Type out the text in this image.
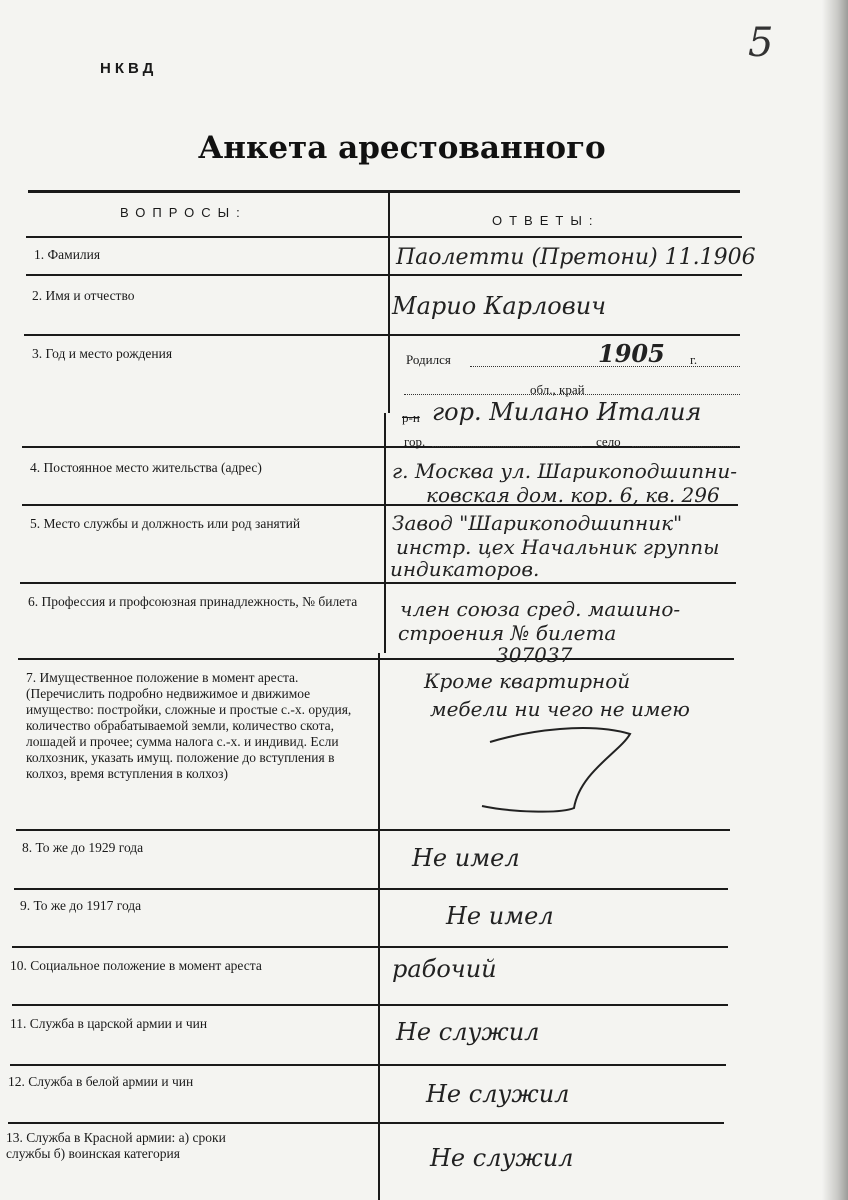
НКВД
5
Анкета арестованного
ВОПРОСЫ:
ОТВЕТЫ:
1. Фамилия
2. Имя и отчество
3. Год и место рождения
4. Постоянное место жительства (адрес)
5. Место службы и должность или род занятий
6. Профессия и профсоюзная принадлежность, № билета
7. Имущественное положение в момент ареста. (Перечислить подробно недвижимое и движимое имущество: постройки, сложные и простые с.-х. орудия, количество обрабатываемой земли, количество скота, лошадей и прочее; сумма налога с.-х. и индивид. Если колхозник, указать имущ. положение до вступления в колхоз, время вступления в колхоз)
8. То же до 1929 года
9. То же до 1917 года
10. Социальное положение в момент ареста
11. Служба в царской армии и чин
12. Служба в белой армии и чин
13. Служба в Красной армии: а) сроки службы б) воинская категория
Паолетти (Претони) 11.1906
Марио Карлович
Родился	1905 г.
обл., край
р-н гор. Милано Италия
гор.	село
г. Москва ул. Шарикоподшипни-
ковская дом. кор. 6, кв. 296
Завод "Шарикоподшипник"
инстр. цех Начальник группы
индикаторов.
член союза сред. машино-
строения № билета
307037
Кроме квартирной
мебели ни чего не имею
Не имел
Не имел
рабочий
Не служил
Не служил
Не служил
